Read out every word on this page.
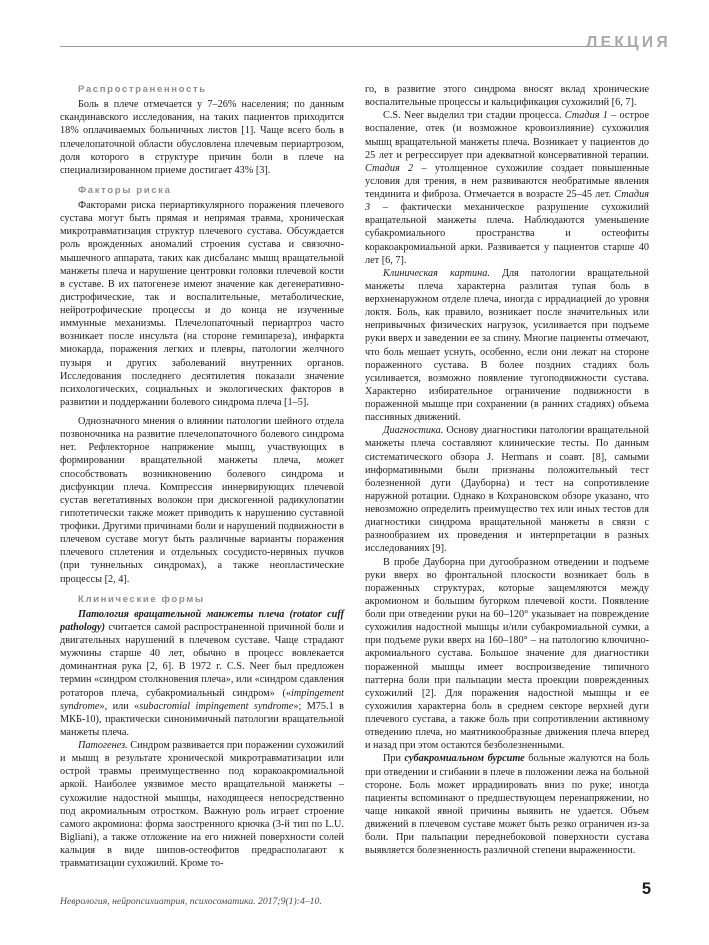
ЛЕКЦИЯ
Распространенность

Боль в плече отмечается у 7–26% населения; по данным скандинавского исследования, на таких пациентов приходится 18% оплачиваемых больничных листов [1]. Чаще всего боль в плечелопаточной области обусловлена плечевым периартрозом, доля которого в структуре причин боли в плече на специализированном приеме достигает 43% [3].

Факторы риска

Факторами риска периартикулярного поражения плечевого сустава могут быть прямая и непрямая травма, хроническая микротравматизация структур плечевого сустава. Обсуждается роль врожденных аномалий строения сустава и связочно-мышечного аппарата, таких как дисбаланс мышц вращательной манжеты плеча и нарушение центровки головки плечевой кости в суставе. В их патогенезе имеют значение как дегенеративно-дистрофические, так и воспалительные, метаболические, нейротрофические процессы и до конца не изученные иммунные механизмы. Плечелопаточный периартроз часто возникает после инсульта (на стороне гемипареза), инфаркта миокарда, поражения легких и плевры, патологии желчного пузыря и других заболеваний внутренних органов. Исследования последнего десятилетия показали значение психологических, социальных и экологических факторов в развитии и поддержании болевого синдрома плеча [1–5].

Однозначного мнения о влиянии патологии шейного отдела позвоночника на развитие плечелопаточного болевого синдрома нет. Рефлекторное напряжение мышц, участвующих в формировании вращательной манжеты плеча, может способствовать возникновению болевого синдрома и дисфункции плеча. Компрессия иннервирующих плечевой сустав вегетативных волокон при дискогенной радикулопатии гипотетически также может приводить к нарушению суставной трофики. Другими причинами боли и нарушений подвижности в плечевом суставе могут быть различные варианты поражения плечевого сплетения и отдельных сосудисто-нервных пучков (при туннельных синдромах), а также неопластические процессы [2, 4].

Клинические формы

Патология вращательной манжеты плеча (rotator cuff pathology) считается самой распространенной причиной боли и двигательных нарушений в плечевом суставе. Чаще страдают мужчины старше 40 лет, обычно в процесс вовлекается доминантная рука [2, 6]. В 1972 г. C.S. Neer был предложен термин «синдром столкновения плеча», или «синдром сдавления ротаторов плеча, субакромиальный синдром» («impingement syndrome», или «subacromial impingement syndrome»; M75.1 в МКБ-10), практически синонимичный патологии вращательной манжеты плеча.

Патогенез. Синдром развивается при поражении сухожилий и мышц в результате хронической микротравматизации или острой травмы преимущественно под коракоакромиальной аркой. Наиболее уязвимое место вращательной манжеты – сухожилие надостной мышцы, находящееся непосредственно под акромиальным отростком. Важную роль играет строение самого акромиона: форма заостренного крючка (3-й тип по L.U. Bigliani), а также отложение на его нижней поверхности солей кальция в виде шипов-остеофитов предрасполагают к травматизации сухожилий. Кроме то-

го, в развитие этого синдрома вносят вклад хронические воспалительные процессы и кальцификация сухожилий [6, 7].

C.S. Neer выделил три стадии процесса. Стадия 1 – острое воспаление, отек (и возможное кровоизлияние) сухожилия мышц вращательной манжеты плеча. Возникает у пациентов до 25 лет и регрессирует при адекватной консервативной терапии. Стадия 2 – утолщенное сухожилие создает повышенные условия для трения, в нем развиваются необратимые явления тендинита и фиброза. Отмечается в возрасте 25–45 лет. Стадия 3 – фактически механическое разрушение сухожилий вращательной манжеты плеча. Наблюдаются уменьшение субакромиального пространства и остеофиты коракоакромиальной арки. Развивается у пациентов старше 40 лет [6, 7].

Клиническая картина. Для патологии вращательной манжеты плеча характерна разлитая тупая боль в верхненаружном отделе плеча, иногда с иррадиацией до уровня локтя. Боль, как правило, возникает после значительных или непривычных физических нагрузок, усиливается при подъеме руки вверх и заведении ее за спину. Многие пациенты отмечают, что боль мешает уснуть, особенно, если они лежат на стороне пораженного сустава. В более поздних стадиях боль усиливается, возможно появление тугоподвижности сустава. Характерно избирательное ограничение подвижности в пораженной мышце при сохранении (в ранних стадиях) объема пассивных движений.

Диагностика. Основу диагностики патологии вращательной манжеты плеча составляют клинические тесты. По данным систематического обзора J. Hermans и соавт. [8], самыми информативными были признаны положительный тест болезненной дуги (Дауборна) и тест на сопротивление наружной ротации. Однако в Кохрановском обзоре указано, что невозможно определить преимущество тех или иных тестов для диагностики синдрома вращательной манжеты в связи с разнообразием их проведения и интерпретации в разных исследованиях [9].

В пробе Дауборна при дугообразном отведении и подъеме руки вверх во фронтальной плоскости возникает боль в пораженных структурах, которые защемляются между акромионом и большим бугорком плечевой кости. Появление боли при отведении руки на 60–120° указывает на повреждение сухожилия надостной мышцы и/или субакромиальной сумки, а при подъеме руки вверх на 160–180° – на патологию ключично-акромиального сустава. Большое значение для диагностики пораженной мышцы имеет воспроизведение типичного паттерна боли при пальпации места проекции поврежденных сухожилий [2]. Для поражения надостной мышцы и ее сухожилия характерна боль в среднем секторе верхней дуги плечевого сустава, а также боль при сопротивлении активному отведению плеча, но маятникообразные движения плеча вперед и назад при этом остаются безболезненными.

При субакромиальном бурсите больные жалуются на боль при отведении и сгибании в плече в положении лежа на больной стороне. Боль может иррадиировать вниз по руке; иногда пациенты вспоминают о предшествующем перенапряжении, но чаще никакой явной причины выявить не удается. Объем движений в плечевом суставе может быть резко ограничен из-за боли. При пальпации переднебоковой поверхности сустава выявляется болезненность различной степени выраженности.

Неврология, нейропсихиатрия, психосоматика. 2017;9(1):4–10.
5
